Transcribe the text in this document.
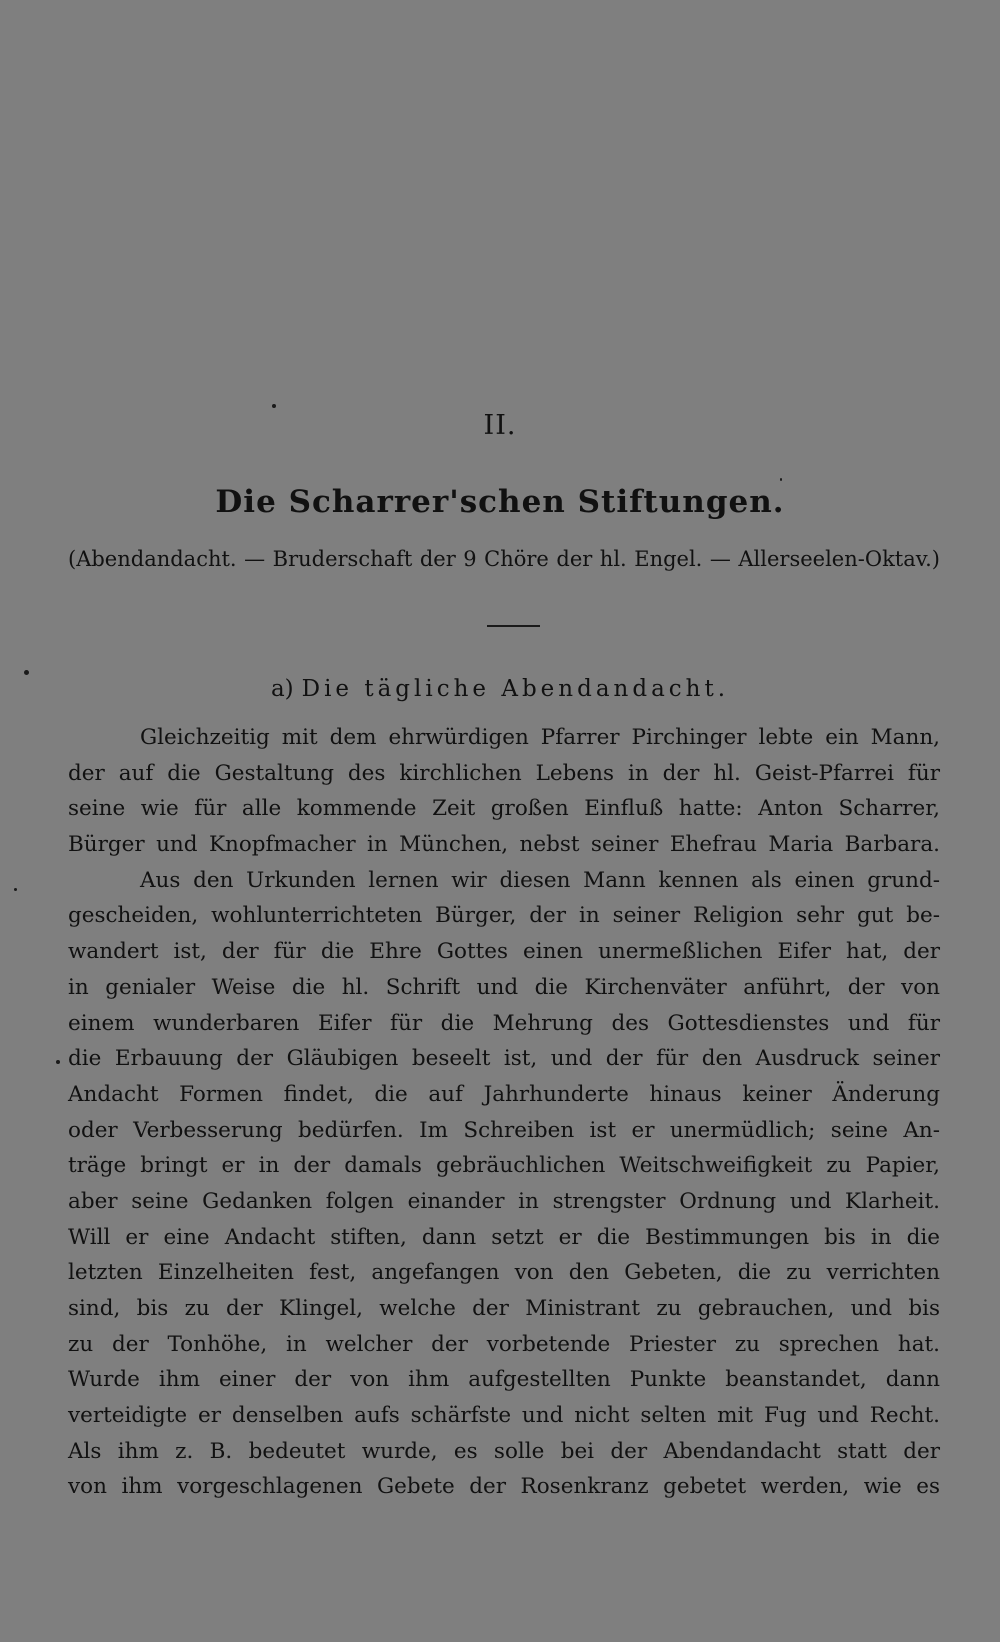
II.
Die Scharrer'schen Stiftungen.
(Abendandacht. — Bruderschaft der 9 Chöre der hl. Engel. — Allerseelen-Oktav.)
a) Die tägliche Abendandacht.
Gleichzeitig mit dem ehrwürdigen Pfarrer Pirchinger lebte ein Mann,
der auf die Gestaltung des kirchlichen Lebens in der hl. Geist-Pfarrei für
seine wie für alle kommende Zeit großen Einfluß hatte: Anton Scharrer,
Bürger und Knopfmacher in München, nebst seiner Ehefrau Maria Barbara.
Aus den Urkunden lernen wir diesen Mann kennen als einen grund-
gescheiden, wohlunterrichteten Bürger, der in seiner Religion sehr gut be-
wandert ist, der für die Ehre Gottes einen unermeßlichen Eifer hat, der
in genialer Weise die hl. Schrift und die Kirchenväter anführt, der von
einem wunderbaren Eifer für die Mehrung des Gottesdienstes und für
die Erbauung der Gläubigen beseelt ist, und der für den Ausdruck seiner
Andacht Formen findet, die auf Jahrhunderte hinaus keiner Änderung
oder Verbesserung bedürfen. Im Schreiben ist er unermüdlich; seine An-
träge bringt er in der damals gebräuchlichen Weitschweifigkeit zu Papier,
aber seine Gedanken folgen einander in strengster Ordnung und Klarheit.
Will er eine Andacht stiften, dann setzt er die Bestimmungen bis in die
letzten Einzelheiten fest, angefangen von den Gebeten, die zu verrichten
sind, bis zu der Klingel, welche der Ministrant zu gebrauchen, und bis
zu der Tonhöhe, in welcher der vorbetende Priester zu sprechen hat.
Wurde ihm einer der von ihm aufgestellten Punkte beanstandet, dann
verteidigte er denselben aufs schärfste und nicht selten mit Fug und Recht.
Als ihm z. B. bedeutet wurde, es solle bei der Abendandacht statt der
von ihm vorgeschlagenen Gebete der Rosenkranz gebetet werden, wie es
